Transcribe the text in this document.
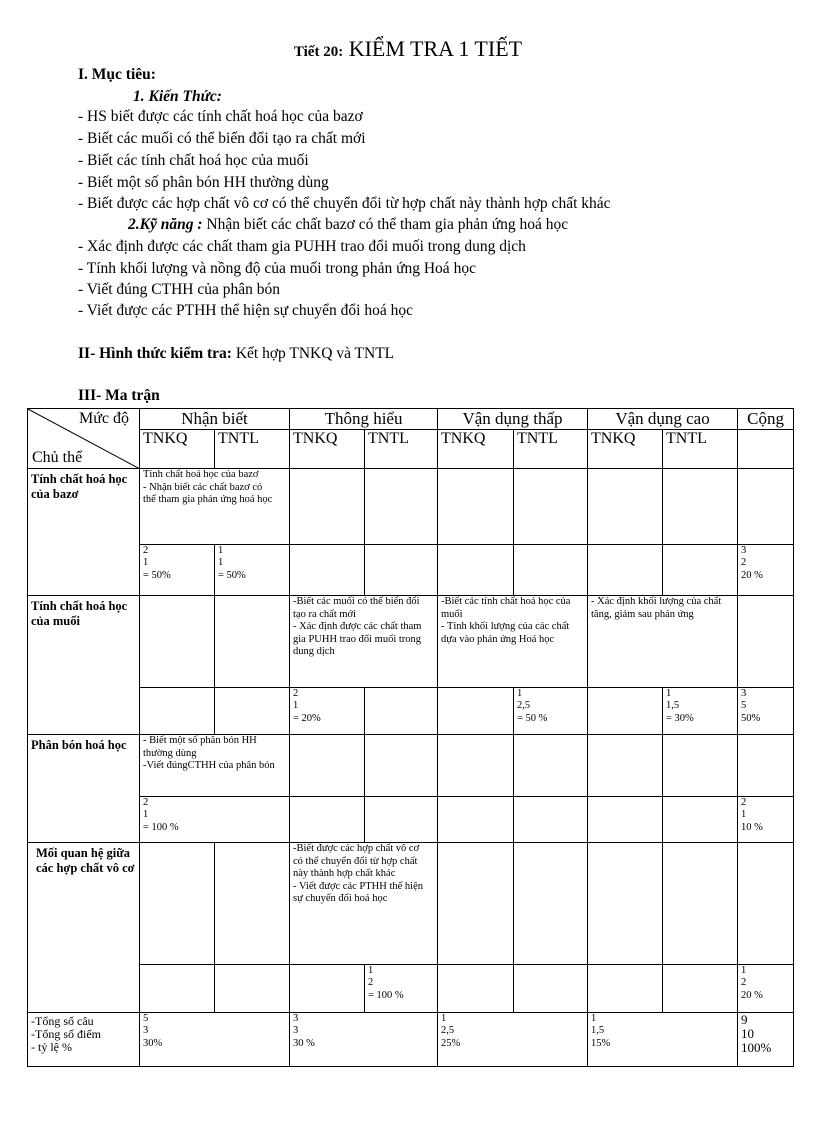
Tiết 20: KIỂM TRA 1 TIẾT
I. Mục tiêu:
1. Kiến Thức:
- HS biết được các tính chất hoá học của bazơ
- Biết các muối có thể biến đổi tạo ra chất mới
- Biết các tính chất hoá học của muối
- Biết một số phân bón HH thường dùng
- Biết được các hợp chất vô cơ có thể chuyển đổi từ hợp chất này thành hợp chất khác
2.Kỹ năng : Nhận biết các chất bazơ có thể tham gia phản ứng hoá học
- Xác định được các chất tham gia PUHH trao đổi muối trong dung dịch
- Tính khối lượng và nồng độ của muối trong phản ứng Hoá học
- Viết đúng CTHH của phân bón
- Viết được các PTHH thể hiện sự chuyển đổi hoá học
II- Hình thức kiểm tra: Kết hợp TNKQ và TNTL
III- Ma trận
Mức độ
Chủ thể	Nhận biết		Thông hiểu		Vận dụng thấp		Vận dụng cao		Cộng
	TNKQ	TNTL	TNKQ	TNTL	TNKQ	TNTL	TNKQ	TNTL	
Tính chất hoá học của bazơ	Tính chất hoá học của bazơ
- Nhận biết các chất bazơ có thể tham gia phản ứng hoá học								
	2
1
= 50%	1
1
= 50%							3
2
20 %
Tính chất hoá học của muối			-Biết các muối có thể biến đổi tạo ra chất mới
- Xác định được các chất tham gia PUHH trao đổi muối trong dung dịch		-Biết các tính chất hoá học của muối
- Tính khối lượng của các chất dựa vào phản ứng Hoá học		- Xác định khối lượng của chất tăng, giảm sau phản ứng		
			2
1
= 20%			1
2,5
= 50 %		1
1,5
= 30%	3
5
50%
Phân bón hoá học	- Biết một số phân bón HH thường dùng
-Viết đúngCTHH của phân bón								
	2
1
= 100 %								2
1
10 %
Mối quan hệ giữa các hợp chất vô cơ			-Biết được các hợp chất vô cơ có thể chuyển đổi từ hợp chất này thành hợp chất khác
- Viết được các PTHH thể hiện sự chuyển đổi hoá học						
				1
2
= 100 %					1
2
20 %
-Tổng số câu
-Tổng số điểm
- tỷ lệ %	5
3
30%		3
3
30 %		1
2,5
25%		1
1,5
15%		9
10
100%
